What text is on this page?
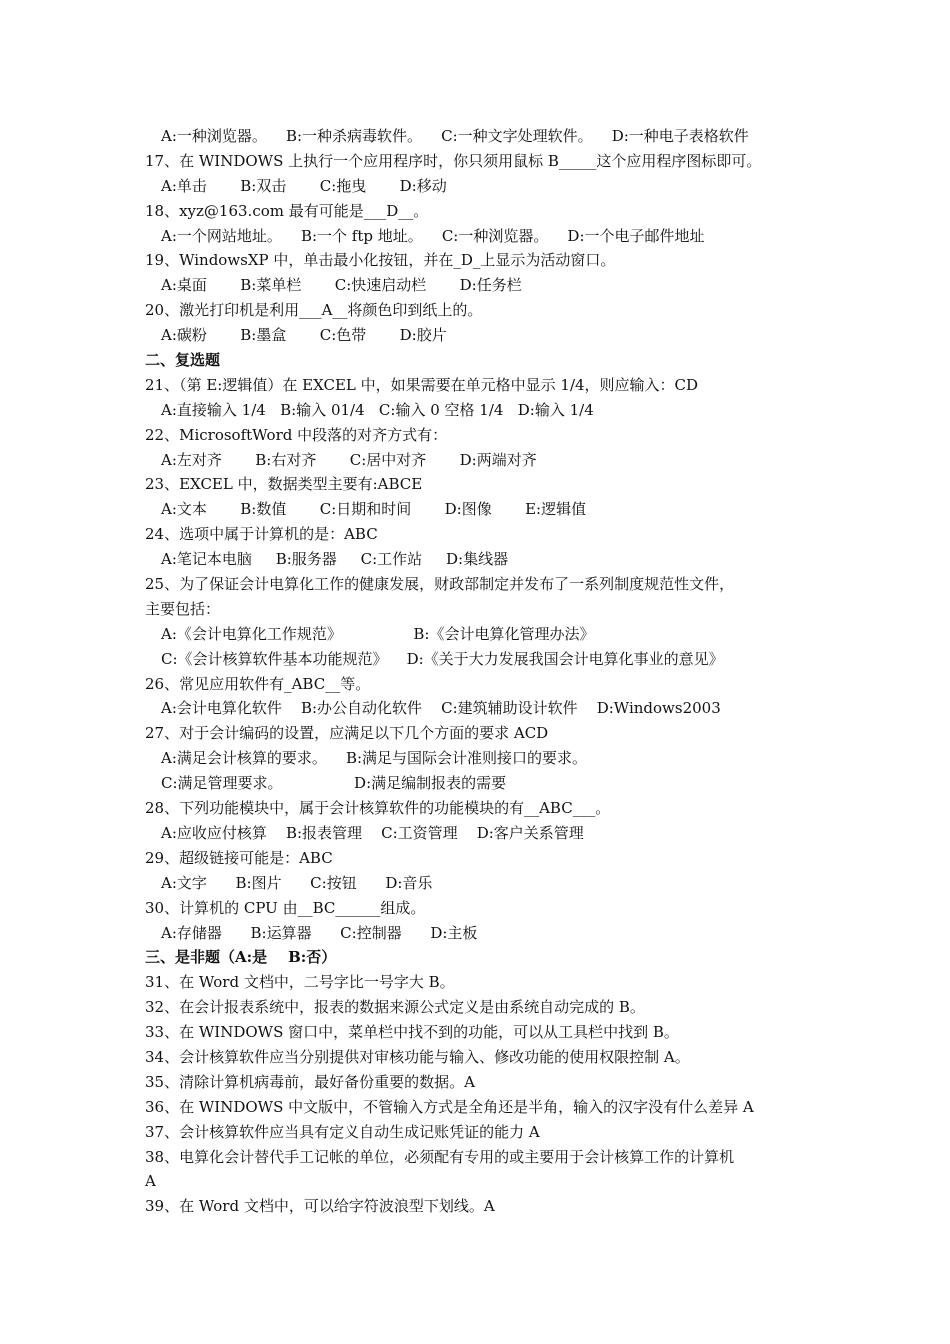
A:一种浏览器。    B:一种杀病毒软件。    C:一种文字处理软件。    D:一种电子表格软件
17、在 WINDOWS 上执行一个应用程序时，你只须用鼠标 B_____这个应用程序图标即可。
A:单击       B:双击       C:拖曳       D:移动
18、xyz@163.com 最有可能是___D__。
A:一个网站地址。    B:一个 ftp 地址。    C:一种浏览器。    D:一个电子邮件地址
19、WindowsXP 中，单击最小化按钮，并在_D_上显示为活动窗口。
A:桌面       B:菜单栏       C:快速启动栏       D:任务栏
20、激光打印机是利用___A__将颜色印到纸上的。
A:碳粉       B:墨盒       C:色带       D:胶片
二、复选题
21、（第 E:逻辑值）在 EXCEL 中，如果需要在单元格中显示 1/4，则应输入：CD
A:直接输入 1/4   B:输入 01/4   C:输入 0 空格 1/4   D:输入 1/4
22、MicrosoftWord 中段落的对齐方式有：
A:左对齐       B:右对齐       C:居中对齐       D:两端对齐
23、EXCEL 中，数据类型主要有:ABCE
A:文本       B:数值       C:日期和时间       D:图像       E:逻辑值
24、选项中属于计算机的是：ABC
A:笔记本电脑     B:服务器     C:工作站     D:集线器
25、为了保证会计电算化工作的健康发展，财政部制定并发布了一系列制度规范性文件，
主要包括：
A:《会计电算化工作规范》               B:《会计电算化管理办法》
C:《会计核算软件基本功能规范》    D:《关于大力发展我国会计电算化事业的意见》
26、常见应用软件有_ABC__等。
A:会计电算化软件    B:办公自动化软件    C:建筑辅助设计软件    D:Windows2003
27、对于会计编码的设置，应满足以下几个方面的要求 ACD
A:满足会计核算的要求。    B:满足与国际会计准则接口的要求。
C:满足管理要求。               D:满足编制报表的需要
28、下列功能模块中，属于会计核算软件的功能模块的有__ABC___。
A:应收应付核算    B:报表管理    C:工资管理    D:客户关系管理
29、超级链接可能是：ABC
A:文字      B:图片      C:按钮      D:音乐
30、计算机的 CPU 由__BC______组成。
A:存储器      B:运算器      C:控制器      D:主板
三、是非题（A:是    B:否）
31、在 Word 文档中，二号字比一号字大 B。
32、在会计报表系统中，报表的数据来源公式定义是由系统自动完成的 B。
33、在 WINDOWS 窗口中，菜单栏中找不到的功能，可以从工具栏中找到 B。
34、会计核算软件应当分别提供对审核功能与输入、修改功能的使用权限控制 A。
35、清除计算机病毒前，最好备份重要的数据。A
36、在 WINDOWS 中文版中，不管输入方式是全角还是半角，输入的汉字没有什么差异 A
37、会计核算软件应当具有定义自动生成记账凭证的能力 A
38、电算化会计替代手工记帐的单位，必须配有专用的或主要用于会计核算工作的计算机
A
39、在 Word 文档中，可以给字符波浪型下划线。A
